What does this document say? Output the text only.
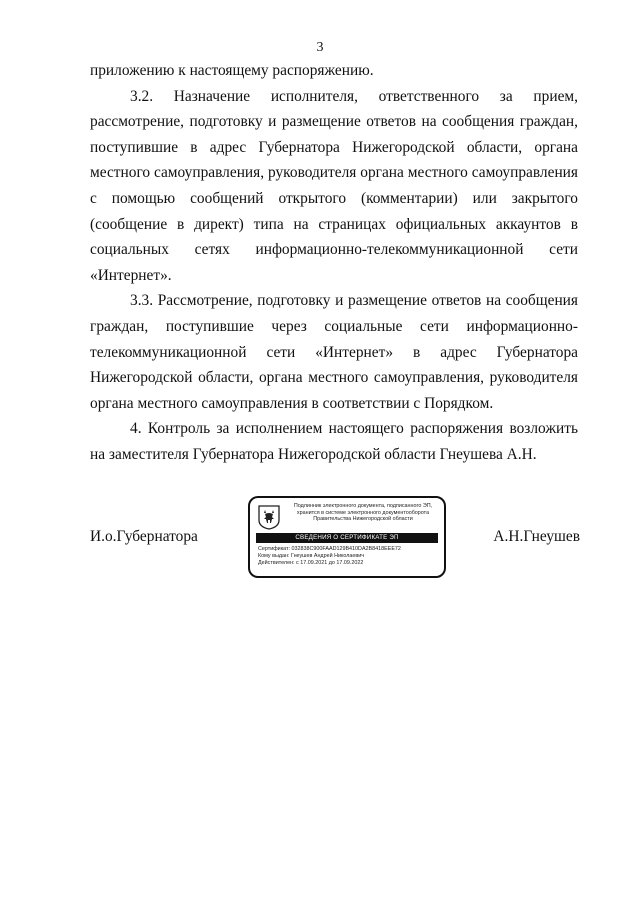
3

приложению к настоящему распоряжению.

3.2. Назначение исполнителя, ответственного за прием, рассмотрение, подготовку и размещение ответов на сообщения граждан, поступившие в адрес Губернатора Нижегородской области, органа местного самоуправления, руководителя органа местного самоуправления с помощью сообщений открытого (комментарии) или закрытого (сообщение в директ) типа на страницах официальных аккаунтов в социальных сетях информационно-телекоммуникационной сети «Интернет».

3.3. Рассмотрение, подготовку и размещение ответов на сообщения граждан, поступившие через социальные сети информационно-телекоммуникационной сети «Интернет» в адрес Губернатора Нижегородской области, органа местного самоуправления, руководителя органа местного самоуправления в соответствии с Порядком.

4. Контроль за исполнением настоящего распоряжения возложить на заместителя Губернатора Нижегородской области Гнеушева А.Н.

И.о.Губернатора
Подлинник электронного документа, подписанного ЭП,
хранится в системе электронного документооборота
Правительства Нижегородской области
СВЕДЕНИЯ О СЕРТИФИКАТЕ ЭП
Сертификат: 032838C900FAAD129B410DA2B8418EEE72
Кому выдан: Гнеушев Андрей Николаевич
Действителен: с 17.09.2021 до 17.09.2022
А.Н.Гнеушев
